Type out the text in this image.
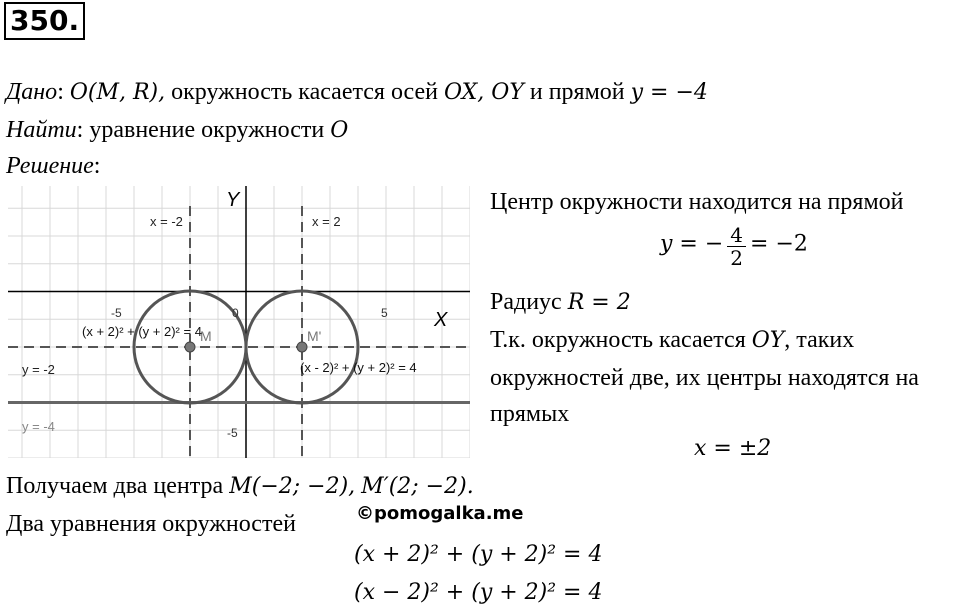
350.
Дано: O(M, R), окружность касается осей OX, OY и прямой y = −4
Найти: уравнение окружности O
Решение:
Y
X
-5	0	5
-5
x = -2	x = 2
y = -2
y = -4
M	M'
(x + 2)² + (y + 2)² = 4
(x - 2)² + (y + 2)² = 4
Центр окружности находится на прямой
y = − $\frac{4}{2} = -2$
Радиус R = 2
Т.к. окружность касается OY, таких
окружностей две, их центры находятся на
прямых
x = ±2
Получаем два центра M(−2; −2), M′(2; −2).
Два уравнения окружностей	©pomogalka.me
(x + 2)² + (y + 2)² = 4
(x − 2)² + (y + 2)² = 4
